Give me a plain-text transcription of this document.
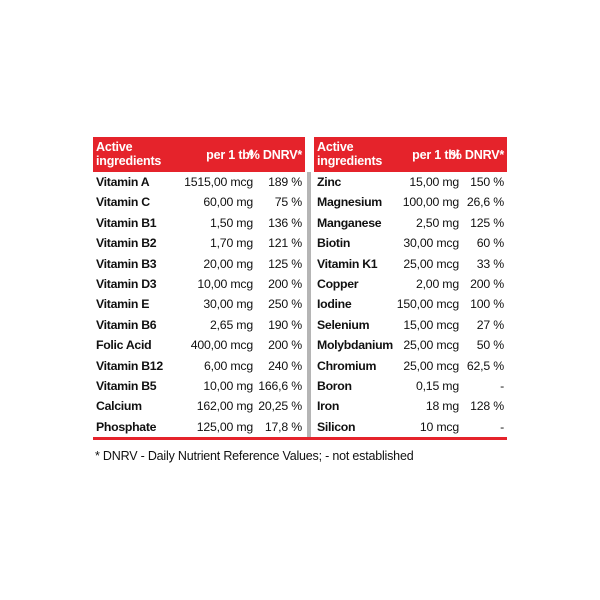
Active ingredients	per 1 tbl
% DNRV*
Vitamin A	1515,00 mcg 189 %
Vitamin C	60,00 mg 75 %
Vitamin B1	1,50 mg 136 %
Vitamin B2	1,70 mg 121 %
Vitamin B3	20,00 mg 125 %
Vitamin D3	10,00 mcg 200 %
Vitamin E	30,00 mg 250 %
Vitamin B6	2,65 mg 190 %
Folic Acid	400,00 mcg 200 %
Vitamin B12	6,00 mcg 240 %
Vitamin B5	10,00 mg 166,6 %
Calcium	162,00 mg 20,25 %
Phosphate	125,00 mg 17,8 %
Active ingredients	per 1 tbl
% DNRV*
Zinc	15,00 mg 150 %
Magnesium 100,00 mg 26,6 %
Manganese	2,50 mg 125 %
Biotin	30,00 mcg 60 %
Vitamin K1 25,00 mcg 33 %
Copper	2,00 mg 200 %
Iodine	150,00 mcg 100 %
Selenium	15,00 mcg 27 %
Molybdanium 25,00 mcg 50 %
Chromium 25,00 mcg 62,5 %
Boron	0,15 mg	-
Iron	18 mg 128 %
Silicon	10 mcg	-
* DNRV - Daily Nutrient Reference Values; - not established
